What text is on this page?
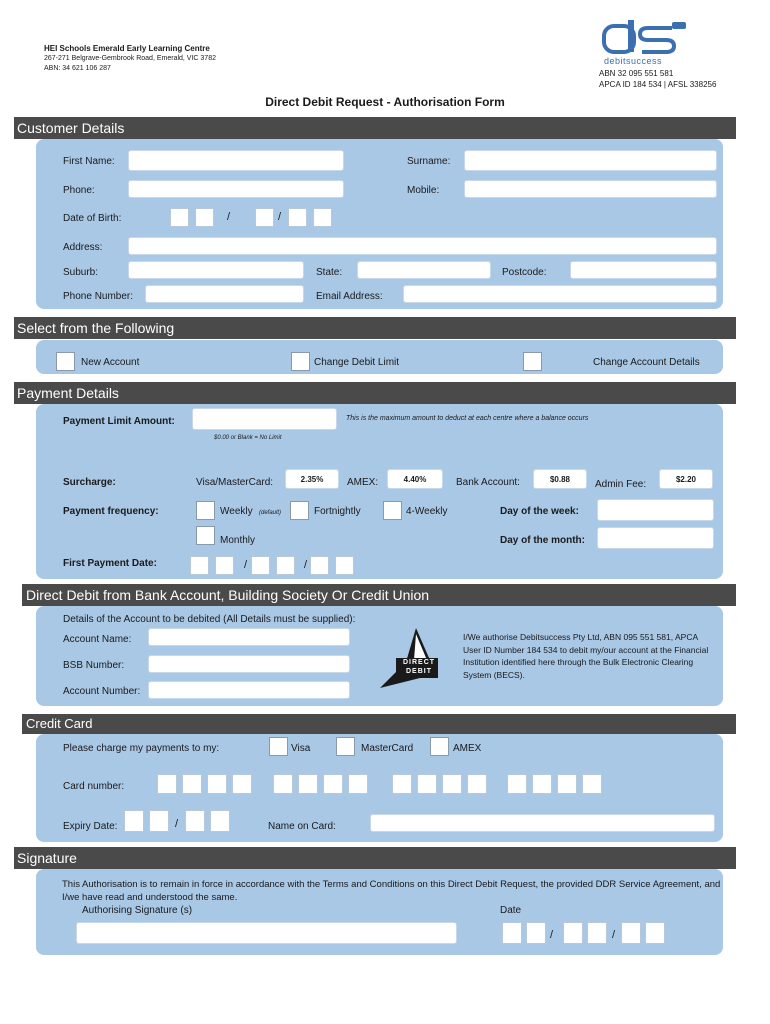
HEI Schools Emerald Early Learning Centre
267-271 Belgrave-Gembrook Road, Emerald, VIC 3782
ABN: 34 621 106 287
debitsuccess
ABN 32 095 551 581
APCA ID 184 534 | AFSL 338256
Direct Debit Request - Authorisation Form
Customer Details
First Name:	Surname:
Phone:	Mobile:
Date of Birth:	/	/
Address:
Suburb:	State:	Postcode:
Phone Number:	Email Address:
Select from the Following
New Account	Change Debit Limit	Change Account Details
Payment Details
Payment Limit Amount:	This is the maximum amount to deduct at each centre where a balance occurs
$0.00 or Blank = No Limit
Surcharge:	Visa/MasterCard:	2.35%	AMEX:	4.40%	Bank Account:	$0.88	Admin Fee:	$2.20
Payment frequency:	Weekly (default)	Fortnightly	4-Weekly	Day of the week:
Monthly	Day of the month:
First Payment Date:	/	/
Direct Debit from Bank Account, Building Society Or Credit Union
Details of the Account to be debited (All Details must be supplied):
Account Name:
BSB Number:
Account Number:
DIRECT
DEBIT
I/We authorise Debitsuccess Pty Ltd, ABN 095 551 581, APCA User ID Number 184 534 to debit my/our account at the Financial Institution identified here through the Bulk Electronic Clearing System (BECS).
Credit Card
Please charge my payments to my:	Visa	MasterCard	AMEX
Card number:
Expiry Date:	/	Name on Card:
Signature
This Authorisation is to remain in force in accordance with the Terms and Conditions on this Direct Debit Request, the provided DDR Service Agreement, and I/we have read and understood the same.
Authorising Signature (s)	Date
/	/
